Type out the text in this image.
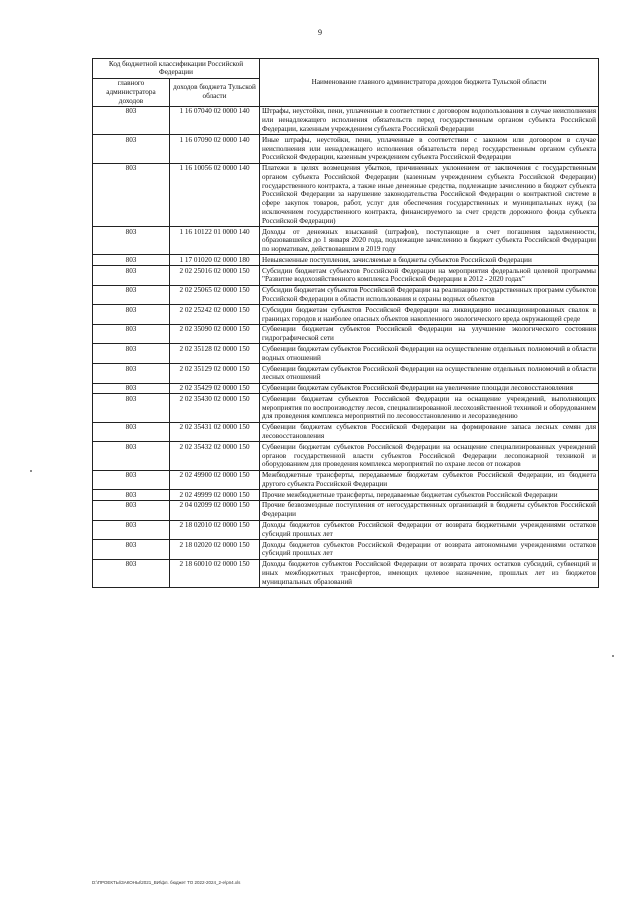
9
Код бюджетной классификации Российской Федерации		Наименование главного администратора доходов бюджета Тульской области
главного администратора доходов	доходов бюджета Тульской области	
803	1 16 07040 02 0000 140	Штрафы, неустойки, пени, уплаченные в соответствии с договором водопользования в случае неисполнения или ненадлежащего исполнения обязательств перед государственным органом субъекта Российской Федерации, казенным учреждением субъекта Российской Федерации
803	1 16 07090 02 0000 140	Иные штрафы, неустойки, пени, уплаченные в соответствии с законом или договором в случае неисполнения или ненадлежащего исполнения обязательств перед государственным органом субъекта Российской Федерации, казенным учреждением субъекта Российской Федерации
803	1 16 10056 02 0000 140	Платежи в целях возмещения убытков, причиненных уклонением от заключения с государственным органом субъекта Российской Федерации (казенным учреждением субъекта Российской Федерации) государственного контракта, а также иные денежные средства, подлежащие зачислению в бюджет субъекта Российской Федерации за нарушение законодательства Российской Федерации о контрактной системе в сфере закупок товаров, работ, услуг для обеспечения государственных и муниципальных нужд (за исключением государственного контракта, финансируемого за счет средств дорожного фонда субъекта Российской Федерации)
803	1 16 10122 01 0000 140	Доходы от денежных взысканий (штрафов), поступающие в счет погашения задолженности, образовавшейся до 1 января 2020 года, подлежащие зачислению в бюджет субъекта Российской Федерации по нормативам, действовавшим в 2019 году
803	1 17 01020 02 0000 180	Невыясненные поступления, зачисляемые в бюджеты субъектов Российской Федерации
803	2 02 25016 02 0000 150	Субсидии бюджетам субъектов Российской Федерации на мероприятия федеральной целевой программы "Развитие водохозяйственного комплекса Российской Федерации в 2012 - 2020 годах"
803	2 02 25065 02 0000 150	Субсидии бюджетам субъектов Российской Федерации на реализацию государственных программ субъектов Российской Федерации в области использования и охраны водных объектов
803	2 02 25242 02 0000 150	Субсидии бюджетам субъектов Российской Федерации на ликвидацию несанкционированных свалок в границах городов и наиболее опасных объектов накопленного экологического вреда окружающей среде
803	2 02 35090 02 0000 150	Субвенции бюджетам субъектов Российской Федерации на улучшение экологического состояния гидрографической сети
803	2 02 35128 02 0000 150	Субвенции бюджетам субъектов Российской Федерации на осуществление отдельных полномочий в области водных отношений
803	2 02 35129 02 0000 150	Субвенции бюджетам субъектов Российской Федерации на осуществление отдельных полномочий в области лесных отношений
803	2 02 35429 02 0000 150	Субвенции бюджетам субъектов Российской Федерации на увеличение площади лесовосстановления
803	2 02 35430 02 0000 150	Субвенции бюджетам субъектов Российской Федерации на оснащение учреждений, выполняющих мероприятия по воспроизводству лесов, специализированной лесохозяйственной техникой и оборудованием для проведения комплекса мероприятий по лесовосстановлению и лесоразведению
803	2 02 35431 02 0000 150	Субвенции бюджетам субъектов Российской Федерации на формирование запаса лесных семян для лесовосстановления
803	2 02 35432 02 0000 150	Субвенции бюджетам субъектов Российской Федерации на оснащение специализированных учреждений органов государственной власти субъектов Российской Федерации лесопожарной техникой и оборудованием для проведения комплекса мероприятий по охране лесов от пожаров
803	2 02 49900 02 0000 150	Межбюджетные трансферты, передаваемые бюджетам субъектов Российской Федерации, из бюджета другого субъекта Российской Федерации
803	2 02 49999 02 0000 150	Прочие межбюджетные трансферты, передаваемые бюджетам субъектов Российской Федерации
803	2 04 02099 02 0000 150	Прочие безвозмездные поступления от негосударственных организаций в бюджеты субъектов Российской Федерации
803	2 18 02010 02 0000 150	Доходы бюджетов субъектов Российской Федерации от возврата бюджетными учреждениями остатков субсидий прошлых лет
803	2 18 02020 02 0000 150	Доходы бюджетов субъектов Российской Федерации от возврата автономными учреждениями остатков субсидий прошлых лет
803	2 18 60010 02 0000 150	Доходы бюджетов субъектов Российской Федерации от возврата прочих остатков субсидий, субвенций и иных межбюджетных трансфертов, имеющих целевое назначение, прошлых лет из бюджетов муниципальных образований
D:\ПРОЕКТЫ\ЗАКОНЫ\2021_ВИ\фл. бюджет ТО 2022-2024_2-е\рп4.xls
